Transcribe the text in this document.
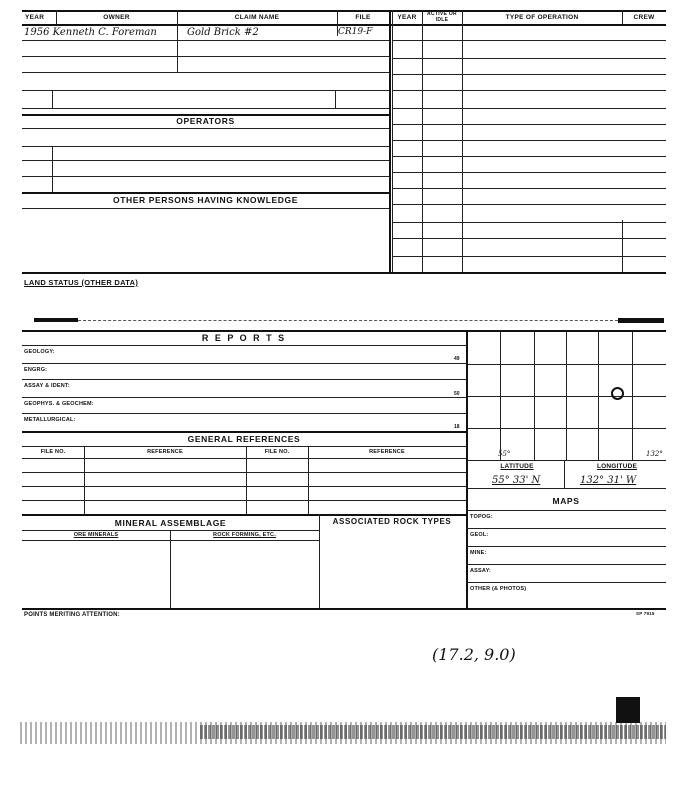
YEAR	OWNER	CLAIM NAME	FILE	YEAR	ACTIVE OR IDLE	TYPE OF OPERATION	CREW
1956 Kenneth C. Foreman	Gold Brick #2	CR19-F
OPERATORS
OTHER PERSONS HAVING KNOWLEDGE
LAND STATUS (OTHER DATA)
R E P O R T S
GEOLOGY:
49
ENGRG:
ASSAY & IDENT:
50
GEOPHYS. & GEOCHEM:
METALLURGICAL:
18
GENERAL REFERENCES
FILE NO.	REFERENCE	FILE NO.	REFERENCE
MINERAL ASSEMBLAGE	ASSOCIATED ROCK TYPES
ORE MINERALS	ROCK FORMING, ETC.
55°	132°
LATITUDE	LONGITUDE
55° 33' N	132° 31' W
MAPS
TOPOG:
GEOL:
MINE:
ASSAY:
OTHER (& PHOTOS)
POINTS MERITING ATTENTION:	SP 7915
(17.2, 9.0)
